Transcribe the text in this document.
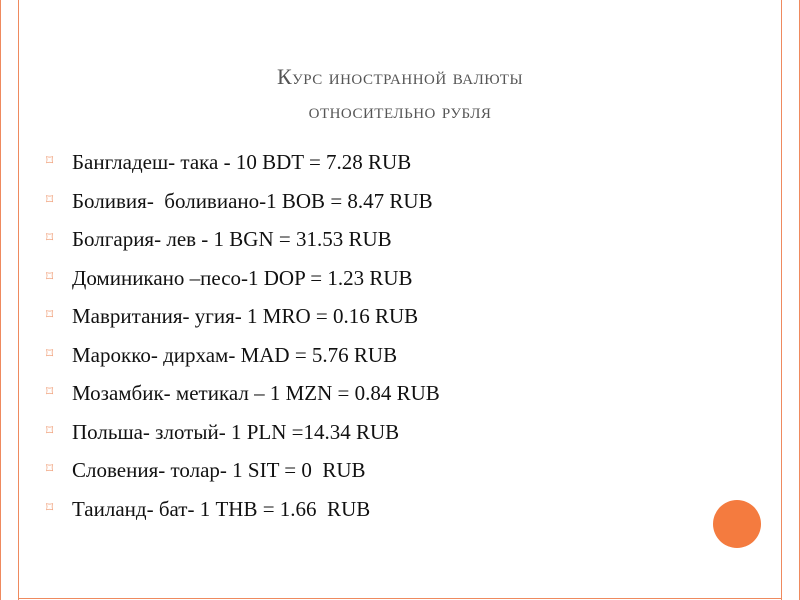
Курс иностранной валюты
относительно рубля
⌑ Бангладеш- така - 10 BDT = 7.28 RUB
⌑ Боливия-  боливиано-1 BOB = 8.47 RUB
⌑ Болгария- лев - 1 BGN = 31.53 RUB
⌑ Доминикано –песо-1 DOP = 1.23 RUB
⌑ Мавритания- угия- 1 MRO = 0.16 RUB
⌑ Марокко- дирхам- MAD = 5.76 RUB
⌑ Мозамбик- метикал – 1 MZN = 0.84 RUB
⌑ Польша- злотый- 1 PLN =14.34 RUB
⌑ Словения- толар- 1 SIT = 0  RUB
⌑ Таиланд- бат- 1 THB = 1.66  RUB
